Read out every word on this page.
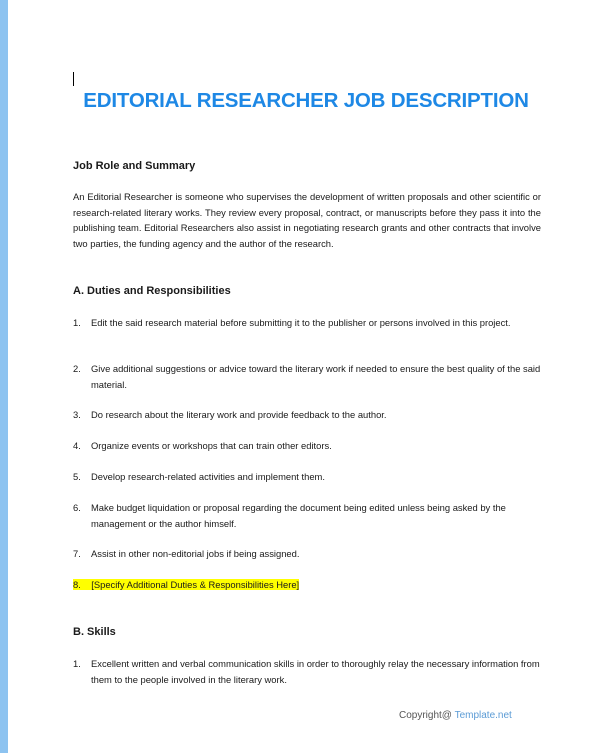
EDITORIAL RESEARCHER JOB DESCRIPTION
Job Role and Summary
An Editorial Researcher is someone who supervises the development of written proposals and other scientific or research-related literary works. They review every proposal, contract, or manuscripts before they pass it into the publishing team. Editorial Researchers also assist in negotiating research grants and other contracts that involve two parties, the funding agency and the author of the research.
A. Duties and Responsibilities
1. Edit the said research material before submitting it to the publisher or persons involved in this project.
2. Give additional suggestions or advice toward the literary work if needed to ensure the best quality of the said material.
3. Do research about the literary work and provide feedback to the author.
4. Organize events or workshops that can train other editors.
5. Develop research-related activities and implement them.
6. Make budget liquidation or proposal regarding the document being edited unless being asked by the management or the author himself.
7. Assist in other non-editorial jobs if being assigned.
8. [Specify Additional Duties & Responsibilities Here]
B. Skills
1. Excellent written and verbal communication skills in order to thoroughly relay the necessary information from them to the people involved in the literary work.
Copyright@ Template.net
